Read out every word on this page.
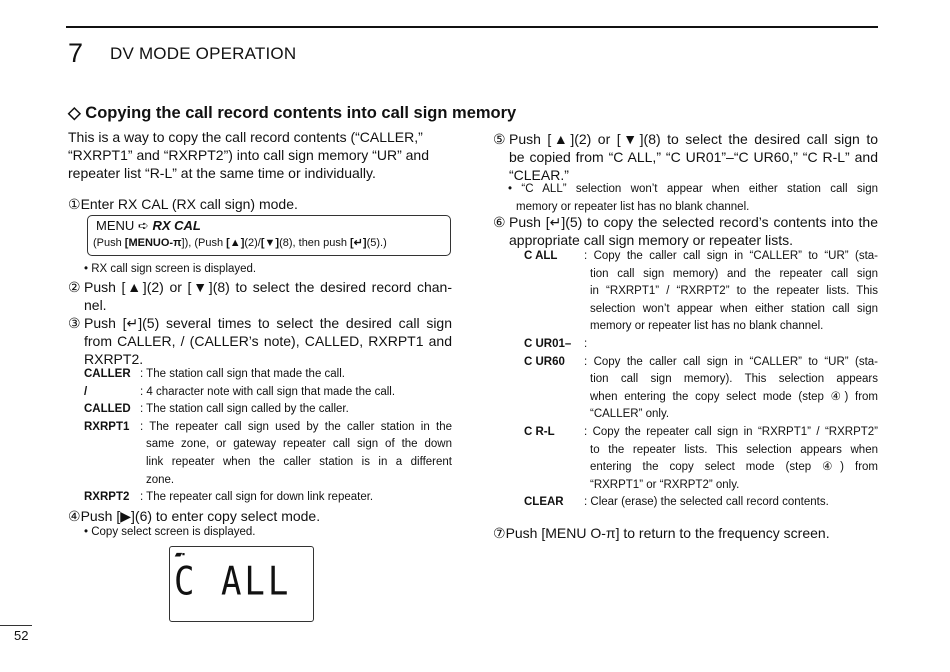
7 DV MODE OPERATION
◇ Copying the call record contents into call sign memory
This is a way to copy the call record contents (“CALLER,”
“RXRPT1” and “RXRPT2”) into call sign memory “UR” and
repeater list “R-L” at the same time or individually.
①Enter RX CAL (RX call sign) mode.
MENU ➪ RX CAL
(Push [MENUO-π]), (Push [▲](2)/[▼](8), then push [↵](5).)
• RX call sign screen is displayed.
② Push [▲](2) or [▼](8) to select the desired record chan-
nel.
③ Push [↵](5) several times to select the desired call sign
from CALLER, / (CALLER’s note), CALLED, RXRPT1 and
RXRPT2.
CALLER	: The station call sign that made the call.
/	: 4 character note with call sign that made the call.
CALLED	: The station call sign called by the caller.
RXRPT1	: The repeater call sign used by the caller station in the
same zone, or gateway repeater call sign of the down
link repeater when the caller station is in a different
zone.

RXRPT2	: The repeater call sign for down link repeater.
④Push [▶](6) to enter copy select mode.
• Copy select screen is displayed.
▰▪
C ALL
⑤ Push [▲](2) or [▼](8) to select the desired call sign to
be copied from “C ALL,” “C UR01”–“C UR60,” “C R-L” and
“CLEAR.”
• “C ALL” selection won’t appear when either station call sign
memory or repeater list has no blank channel.
⑥ Push [↵](5) to copy the selected record’s contents into the
appropriate call sign memory or repeater lists.
C ALL	: Copy the caller call sign in “CALLER” to “UR” (sta-
tion call sign memory) and the repeater call sign
in “RXRPT1” / “RXRPT2” to the repeater lists. This
selection won’t appear when either station call sign
memory or repeater list has no blank channel.

C UR01–	:
C UR60	: Copy the caller call sign in “CALLER” to “UR” (sta-
tion call sign memory). This selection appears
when entering the copy select mode (step ④) from
“CALLER” only.

C R-L	: Copy the repeater call sign in “RXRPT1” / “RXRPT2”
to the repeater lists. This selection appears when
entering the copy select mode (step ④) from
“RXRPT1” or “RXRPT2” only.

CLEAR	: Clear (erase) the selected call record contents.
⑦Push [MENU O-π] to return to the frequency screen.
52
